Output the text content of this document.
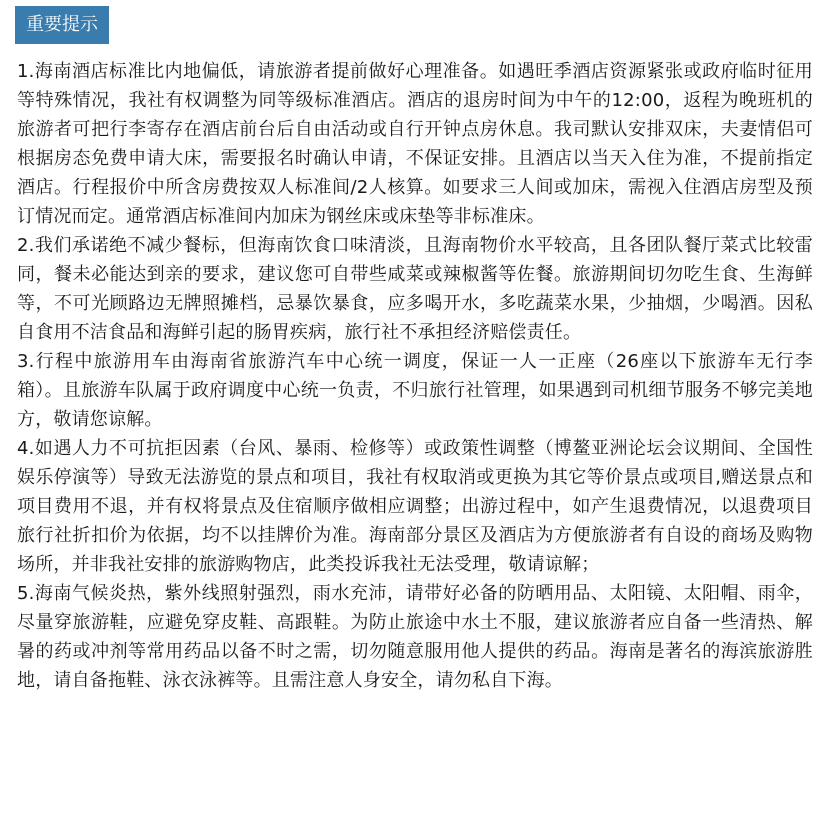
重要提示

1.海南酒店标准比内地偏低，请旅游者提前做好心理准备。如遇旺季酒店资源紧张或政府临时征用等特殊情况，我社有权调整为同等级标准酒店。酒店的退房时间为中午的12:00，返程为晚班机的旅游者可把行李寄存在酒店前台后自由活动或自行开钟点房休息。我司默认安排双床，夫妻情侣可根据房态免费申请大床，需要报名时确认申请，不保证安排。且酒店以当天入住为准，不提前指定酒店。行程报价中所含房费按双人标准间/2人核算。如要求三人间或加床，需视入住酒店房型及预订情况而定。通常酒店标准间内加床为钢丝床或床垫等非标准床。

2.我们承诺绝不减少餐标，但海南饮食口味清淡，且海南物价水平较高，且各团队餐厅菜式比较雷同，餐未必能达到亲的要求，建议您可自带些咸菜或辣椒酱等佐餐。旅游期间切勿吃生食、生海鲜等，不可光顾路边无牌照摊档，忌暴饮暴食，应多喝开水，多吃蔬菜水果，少抽烟，少喝酒。因私自食用不洁食品和海鲜引起的肠胃疾病，旅行社不承担经济赔偿责任。

3.行程中旅游用车由海南省旅游汽车中心统一调度，保证一人一正座（26座以下旅游车无行李箱）。且旅游车队属于政府调度中心统一负责，不归旅行社管理，如果遇到司机细节服务不够完美地方，敬请您谅解。

4.如遇人力不可抗拒因素（台风、暴雨、检修等）或政策性调整（博鳌亚洲论坛会议期间、全国性娱乐停演等）导致无法游览的景点和项目，我社有权取消或更换为其它等价景点或项目,赠送景点和项目费用不退，并有权将景点及住宿顺序做相应调整；出游过程中，如产生退费情况，以退费项目旅行社折扣价为依据，均不以挂牌价为准。海南部分景区及酒店为方便旅游者有自设的商场及购物场所，并非我社安排的旅游购物店，此类投诉我社无法受理，敬请谅解；

5.海南气候炎热，紫外线照射强烈，雨水充沛，请带好必备的防晒用品、太阳镜、太阳帽、雨伞，尽量穿旅游鞋，应避免穿皮鞋、高跟鞋。为防止旅途中水土不服，建议旅游者应自备一些清热、解暑的药或冲剂等常用药品以备不时之需，切勿随意服用他人提供的药品。海南是著名的海滨旅游胜地，请自备拖鞋、泳衣泳裤等。且需注意人身安全，请勿私自下海。
